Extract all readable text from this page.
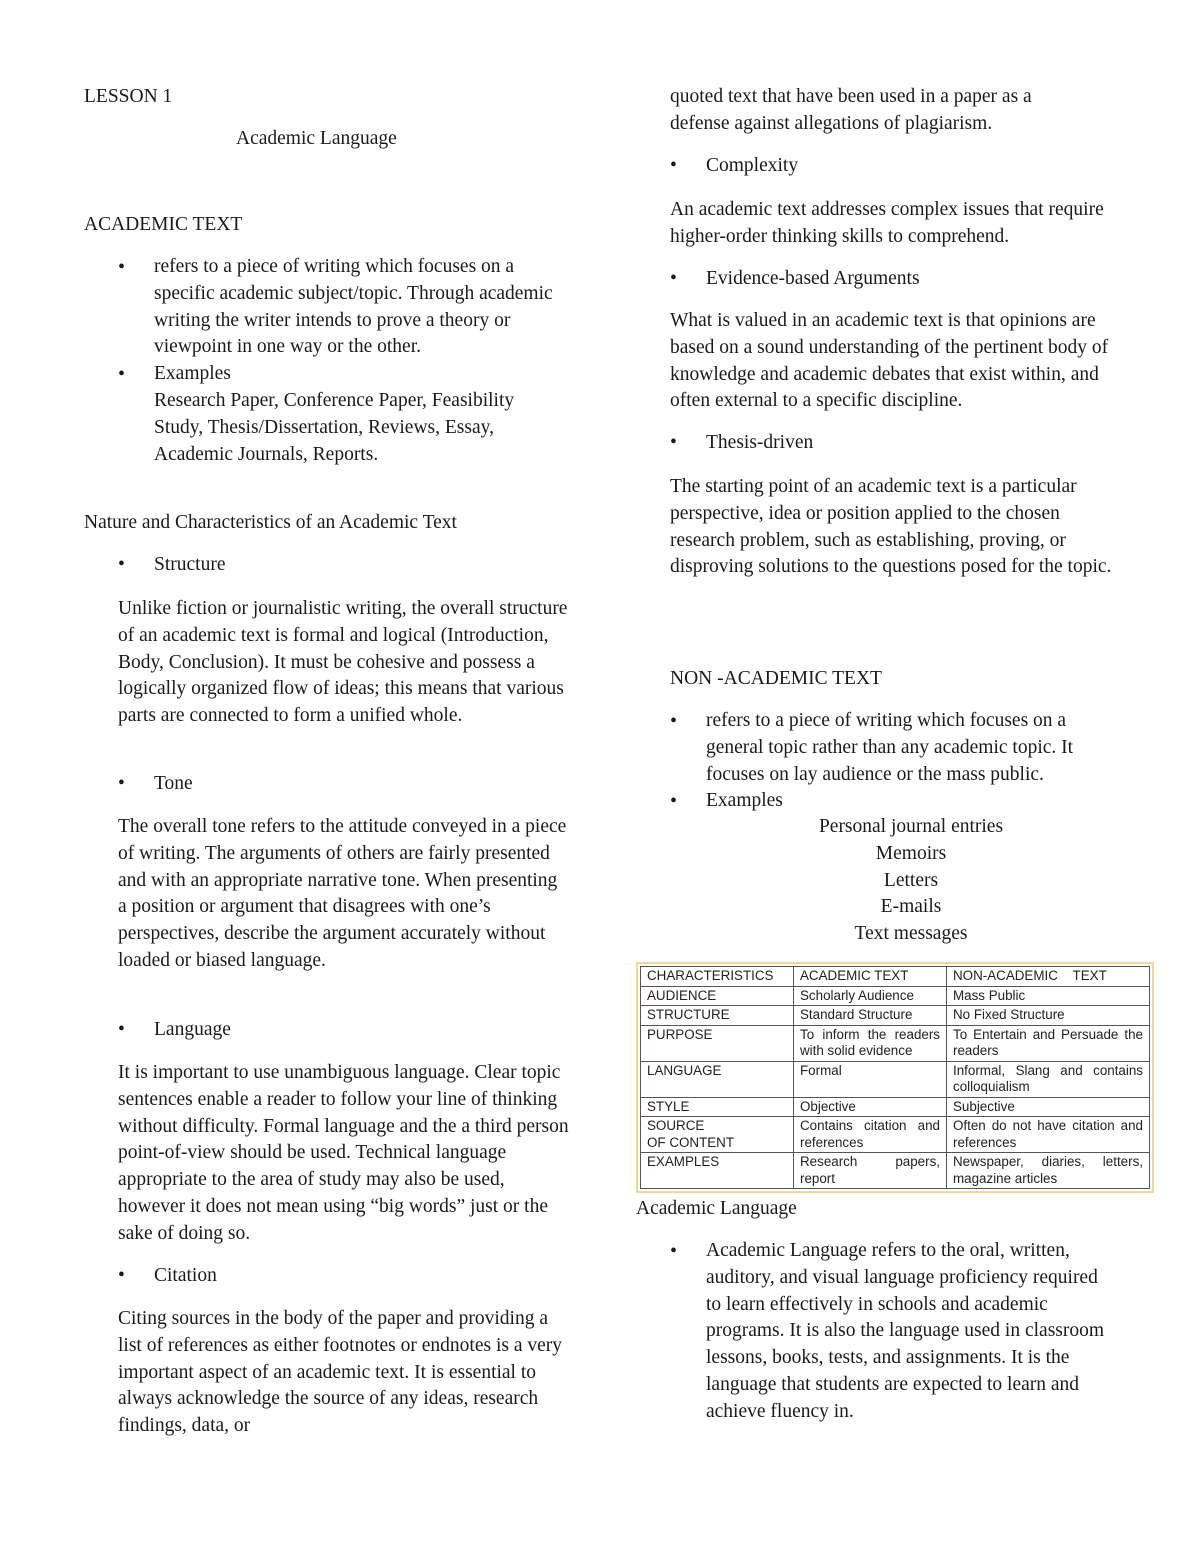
LESSON 1

Academic Language

ACADEMIC TEXT

• refers to a piece of writing which focuses on a specific academic subject/topic. Through academic writing the writer intends to prove a theory or viewpoint in one way or the other.
• Examples
Research Paper, Conference Paper, Feasibility Study, Thesis/Dissertation, Reviews, Essay, Academic Journals, Reports.

Nature and Characteristics of an Academic Text

• Structure

Unlike fiction or journalistic writing, the overall structure of an academic text is formal and logical (Introduction, Body, Conclusion). It must be cohesive and possess a logically organized flow of ideas; this means that various parts are connected to form a unified whole.

• Tone

The overall tone refers to the attitude conveyed in a piece of writing. The arguments of others are fairly presented and with an appropriate narrative tone. When presenting a position or argument that disagrees with one’s perspectives, describe the argument accurately without loaded or biased language.

• Language

It is important to use unambiguous language. Clear topic sentences enable a reader to follow your line of thinking without difficulty. Formal language and the a third person point-of-view should be used. Technical language appropriate to the area of study may also be used, however it does not mean using “big words” just or the sake of doing so.

• Citation

Citing sources in the body of the paper and providing a list of references as either footnotes or endnotes is a very important aspect of an academic text. It is essential to always acknowledge the source of any ideas, research findings, data, or

quoted text that have been used in a paper as a defense against allegations of plagiarism.

• Complexity

An academic text addresses complex issues that require higher-order thinking skills to comprehend.

• Evidence-based Arguments

What is valued in an academic text is that opinions are based on a sound understanding of the pertinent body of knowledge and academic debates that exist within, and often external to a specific discipline.

• Thesis-driven

The starting point of an academic text is a particular perspective, idea or position applied to the chosen research problem, such as establishing, proving, or disproving solutions to the questions posed for the topic.

NON -ACADEMIC TEXT

• refers to a piece of writing which focuses on a general topic rather than any academic topic. It focuses on lay audience or the mass public.
• Examples

Personal journal entries

Memoirs

Letters

E-mails

Text messages

CHARACTERISTICS	ACADEMIC TEXT	NON-ACADEMIC    TEXT
AUDIENCE	Scholarly Audience	Mass Public
STRUCTURE	Standard Structure	No Fixed Structure
PURPOSE	To inform the readers with solid evidence	To Entertain and Persuade the readers
LANGUAGE	Formal	Informal, Slang and contains colloquialism
STYLE	Objective	Subjective
SOURCE
OF CONTENT	Contains citation and references	Often do not have citation and references
EXAMPLES	Research papers, report	Newspaper, diaries, letters, magazine articles

Academic Language

• Academic Language refers to the oral, written, auditory, and visual language proficiency required to learn effectively in schools and academic programs. It is also the language used in classroom lessons, books, tests, and assignments. It is the language that students are expected to learn and achieve fluency in.
